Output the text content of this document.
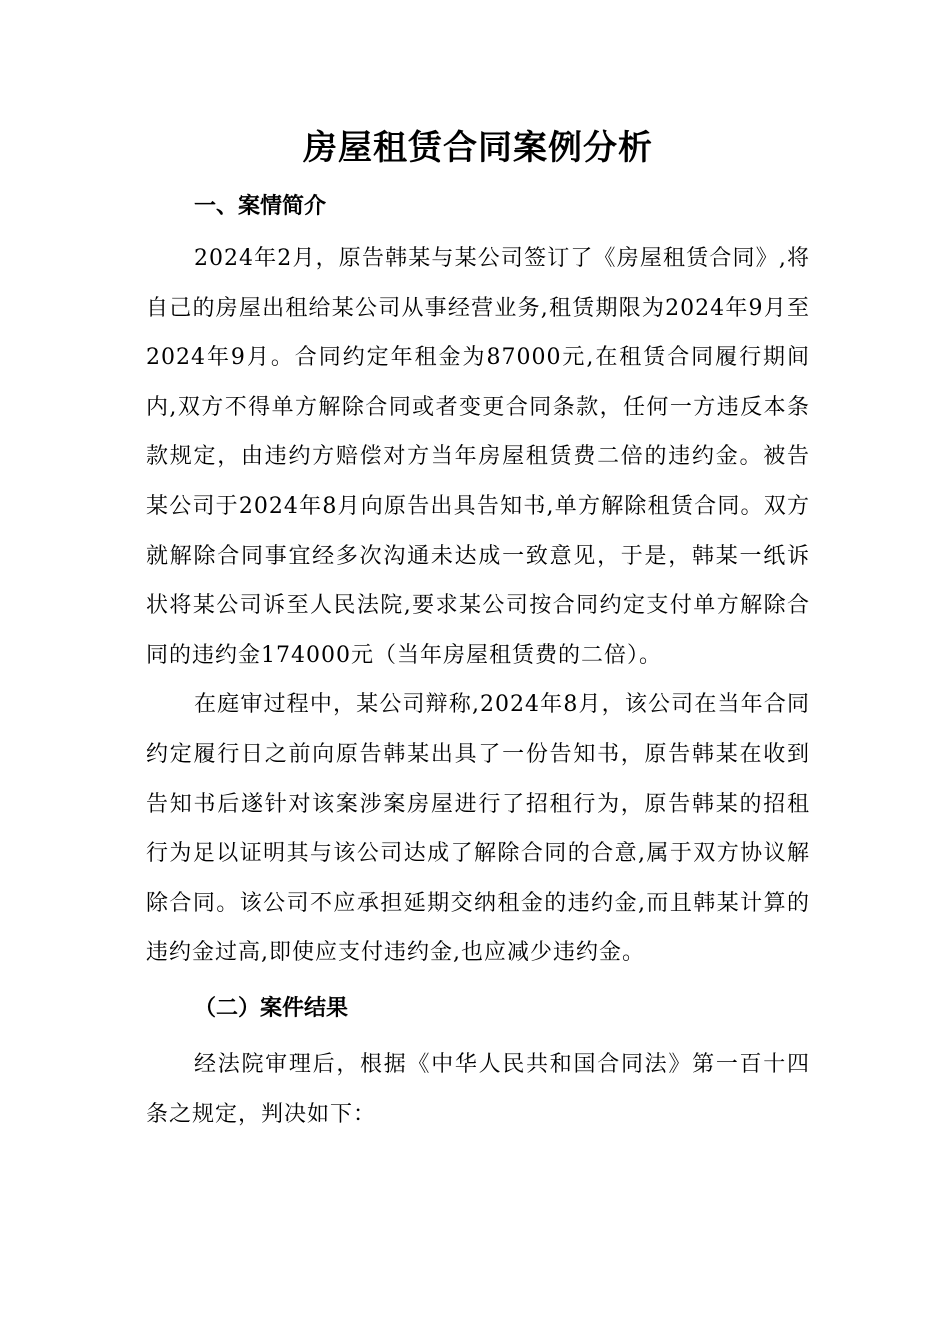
房屋租赁合同案例分析
一、案情简介

2024年2月，原告韩某与某公司签订了《房屋租赁合同》,将自己的房屋出租给某公司从事经营业务,租赁期限为2024年9月至2024年9月。合同约定年租金为87000元,在租赁合同履行期间内,双方不得单方解除合同或者变更合同条款，任何一方违反本条款规定，由违约方赔偿对方当年房屋租赁费二倍的违约金。被告某公司于2024年8月向原告出具告知书,单方解除租赁合同。双方就解除合同事宜经多次沟通未达成一致意见，于是，韩某一纸诉状将某公司诉至人民法院,要求某公司按合同约定支付单方解除合同的违约金174000元（当年房屋租赁费的二倍）。

在庭审过程中，某公司辩称,2024年8月，该公司在当年合同约定履行日之前向原告韩某出具了一份告知书，原告韩某在收到告知书后遂针对该案涉案房屋进行了招租行为，原告韩某的招租行为足以证明其与该公司达成了解除合同的合意,属于双方协议解除合同。该公司不应承担延期交纳租金的违约金,而且韩某计算的违约金过高,即使应支付违约金,也应减少违约金。

（二）案件结果

经法院审理后，根据《中华人民共和国合同法》第一百十四条之规定，判决如下：
